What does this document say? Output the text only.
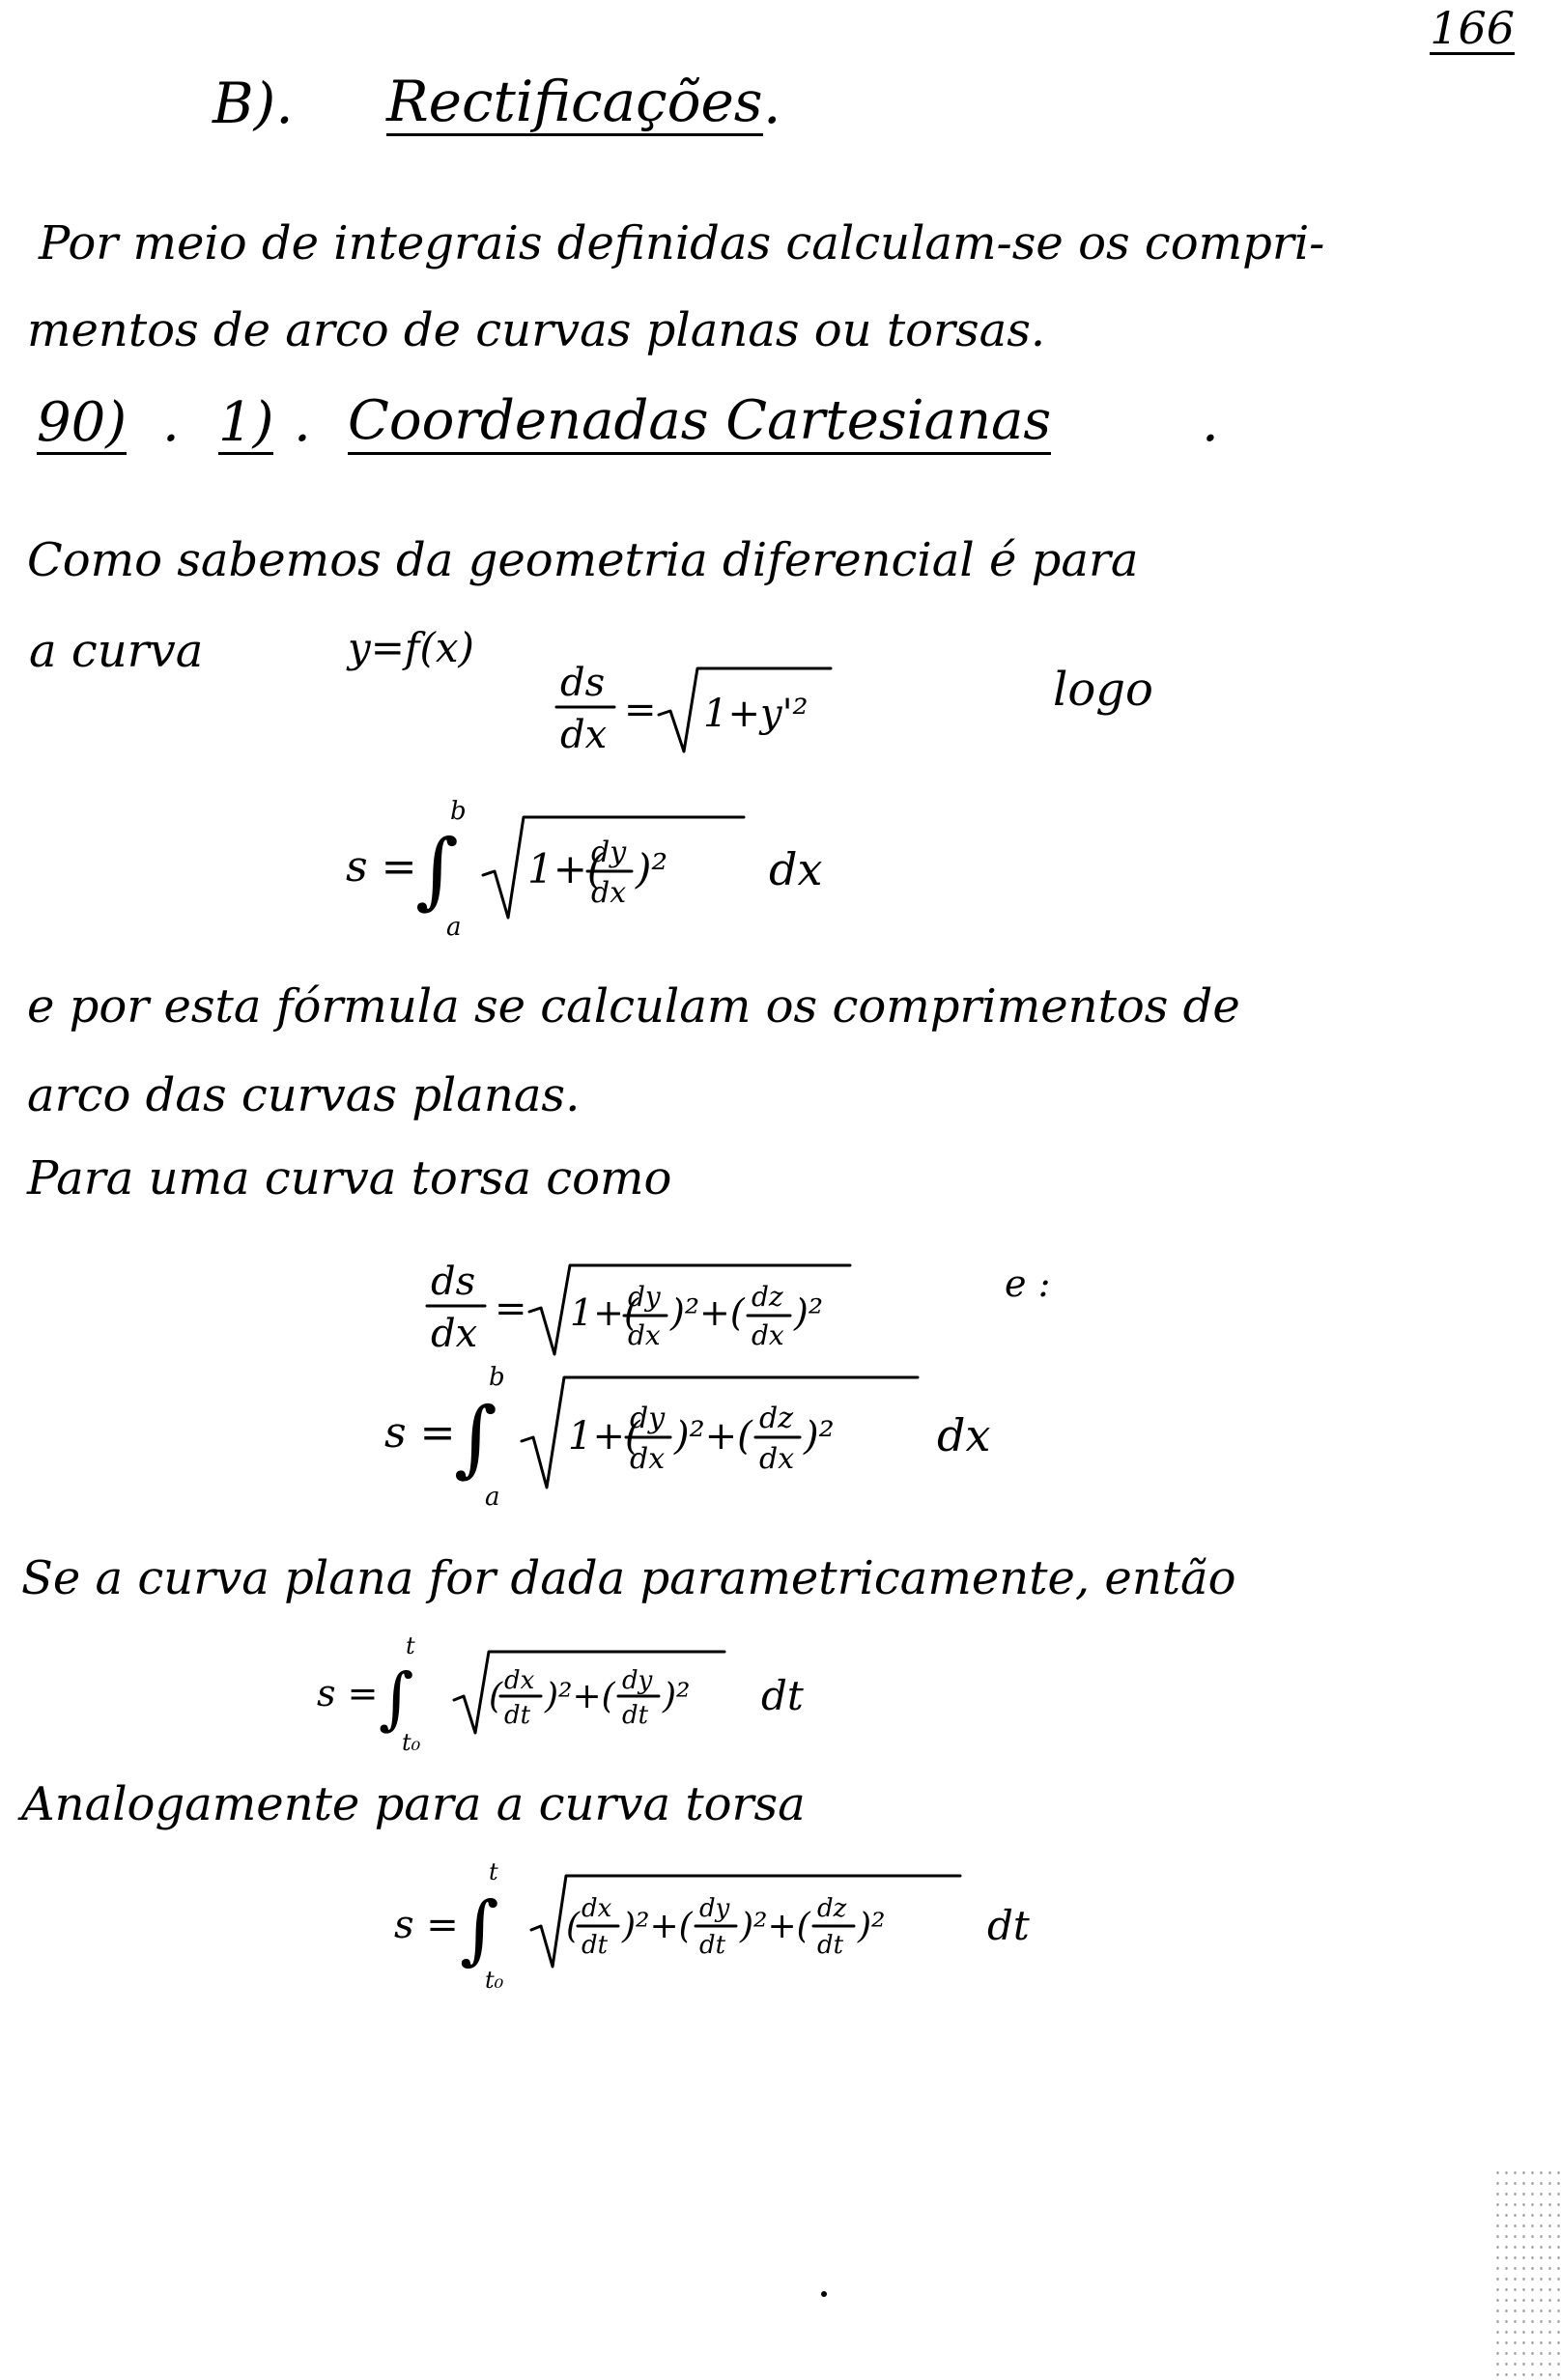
166
B). Rectificações .
Por meio de integrais definidas calculam-se os compri-
mentos de arco de curvas planas ou torsas.
90) . 1) . Coordenadas Cartesianas	.
Como sabemos da geometria diferencial é para
a curva	y=f(x)
logo
ds
dx
= 1+y'²
s =
∫
b
a
1+(
dy
dx
)² dx
e por esta fórmula se calculam os comprimentos de
arco das curvas planas.
Para uma curva torsa como
ds
dx
= 1+(
dy
dx
)²+( dz
dx
)²
e :
s =
∫
b
a
1+(
dy
dx
)²+( dz
dx
)² dx
Se a curva plana for dada parametricamente, então
s = ∫
t
t₀
( dx
dt )²+( dy
dt )² dt
Analogamente para a curva torsa
s = ∫
t
t₀
( dx
dt )²+( dy
dt )²+( dz
dt )²	dt
